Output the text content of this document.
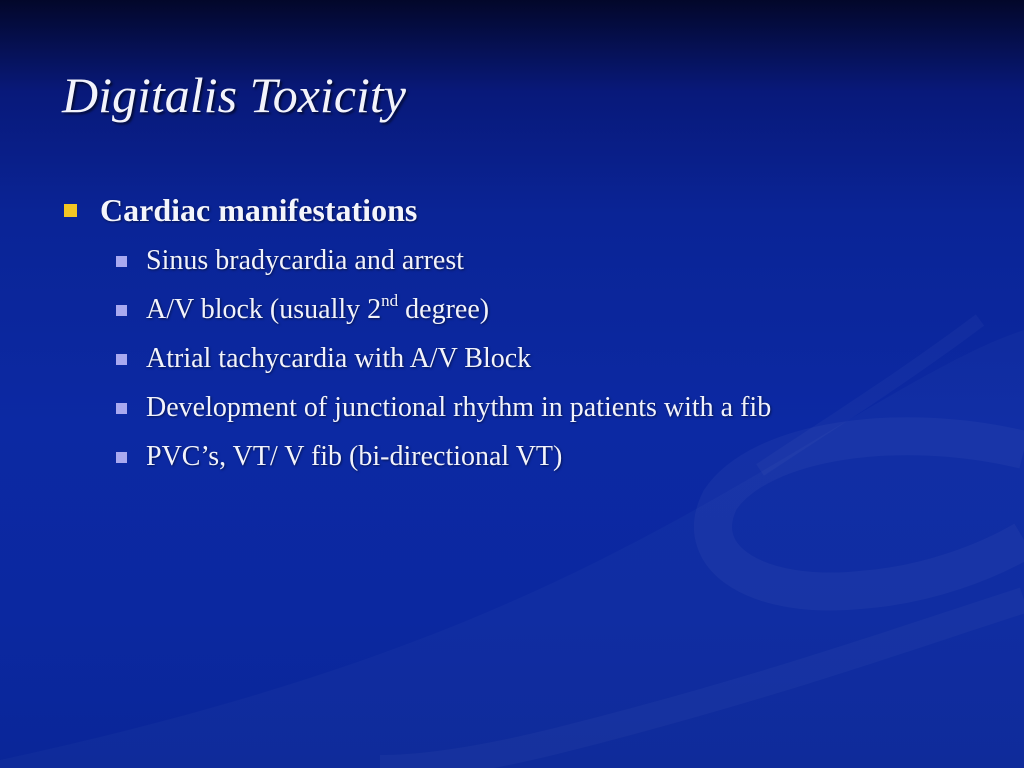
Digitalis Toxicity
Cardiac manifestations
Sinus bradycardia and arrest
A/V block (usually 2nd degree)
Atrial tachycardia with A/V Block
Development of junctional rhythm in patients with a fib
PVC’s, VT/ V fib (bi-directional VT)
